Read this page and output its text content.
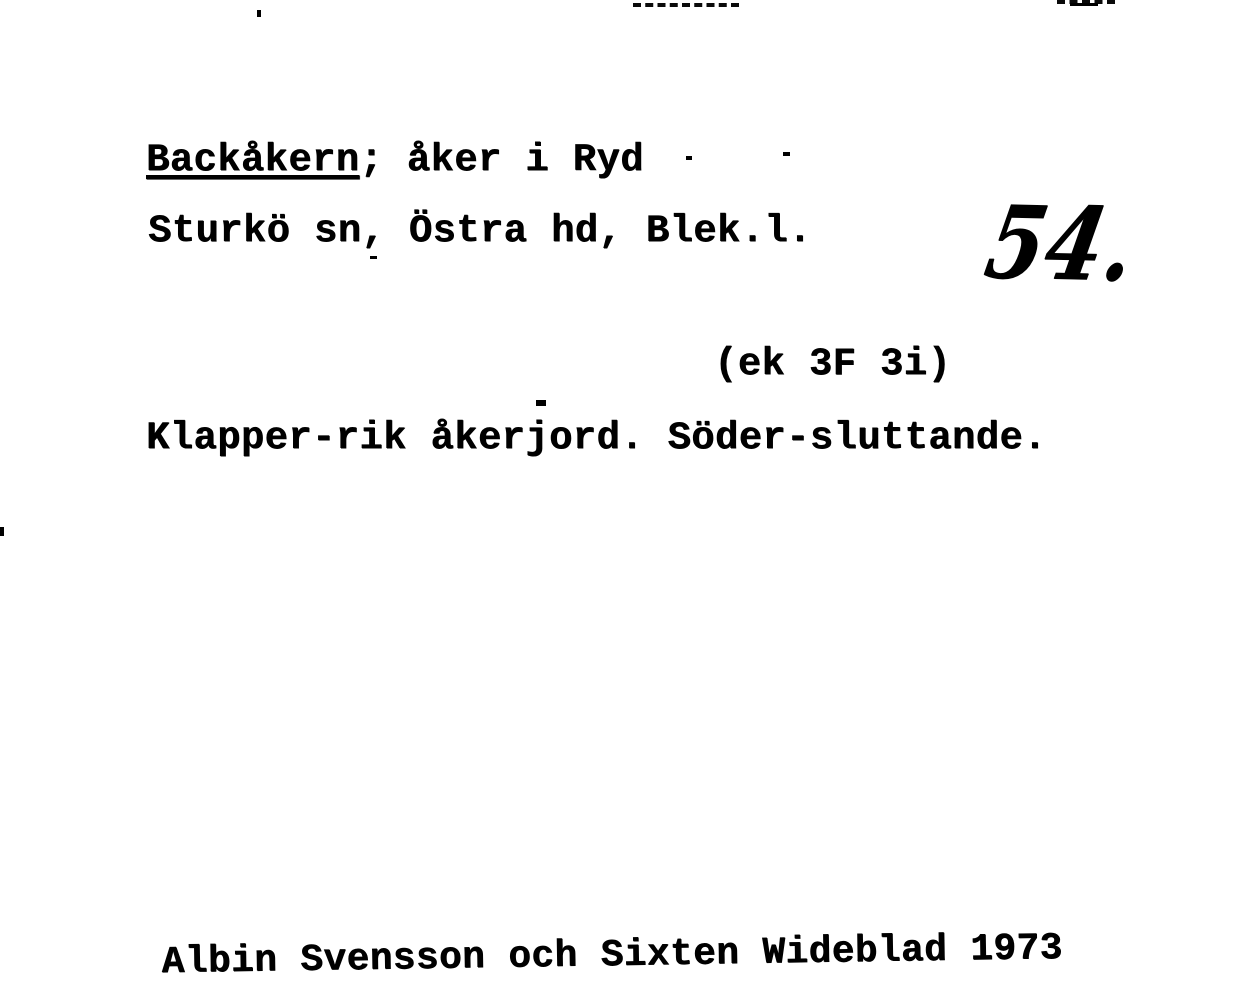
Backåkern; åker i Ryd
Sturkö sn, Östra hd, Blek.l. 54.
(ek 3F 3i)
Klapper-rik åkerjord. Söder-sluttande.
Albin Svensson och Sixten Wideblad 1973
